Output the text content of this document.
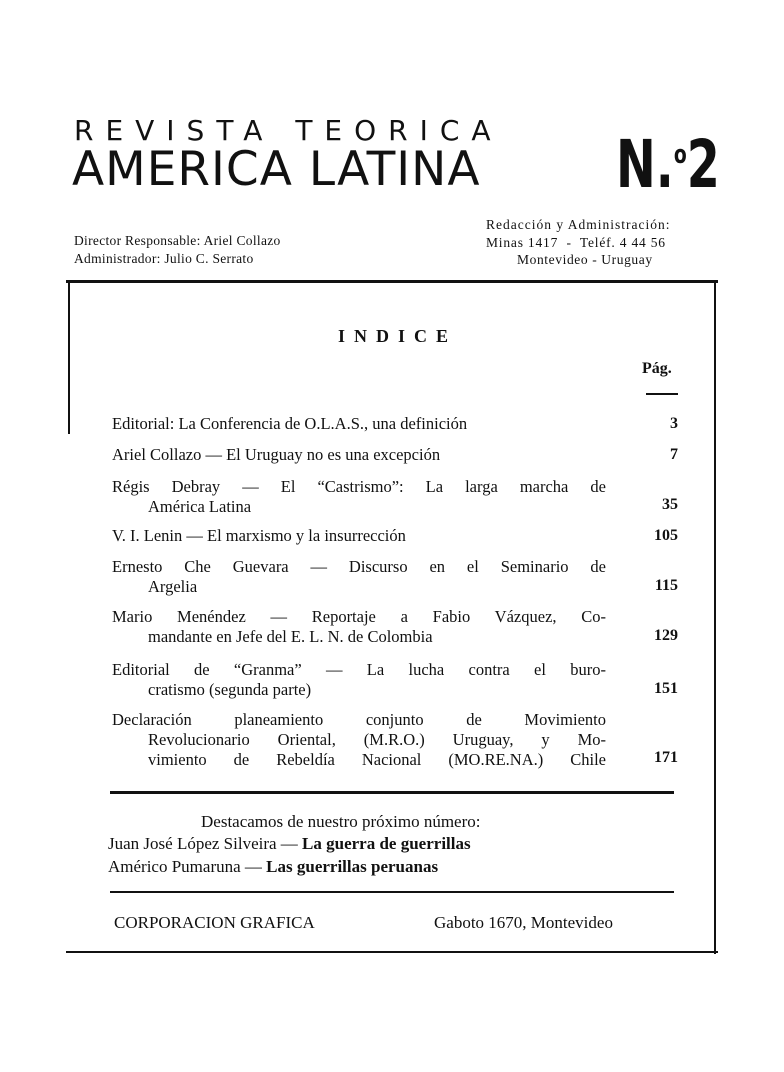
REVISTA TEORICA
AMERICA LATINA N.$^o$2
Director Responsable: Ariel Collazo
Administrador: Julio C. Serrato
Redacción y Administración:
Minas 1417  -  Teléf. 4 44 56
Montevideo - Uruguay
INDICE
Pág.
Editorial: La Conferencia de O.L.A.S., una definición	3
Ariel Collazo — El Uruguay no es una excepción	7
Régis Debray — El “Castrismo”: La larga marcha de
América Latina	35
V. I. Lenin — El marxismo y la insurrección	105
Ernesto Che Guevara — Discurso en el Seminario de
Argelia	115
Mario Menéndez — Reportaje a Fabio Vázquez, Co-
mandante en Jefe del E. L. N. de Colombia	129
Editorial de “Granma” — La lucha contra el buro-
cratismo (segunda parte)	151
Declaración planeamiento conjunto de Movimiento
Revolucionario Oriental, (M.R.O.) Uruguay, y Mo-
vimiento de Rebeldía Nacional (MO.RE.NA.) Chile	171
Destacamos de nuestro próximo número:
Juan José López Silveira — La guerra de guerrillas
Américo Pumaruna — Las guerrillas peruanas
CORPORACION GRAFICA	Gaboto 1670, Montevideo
